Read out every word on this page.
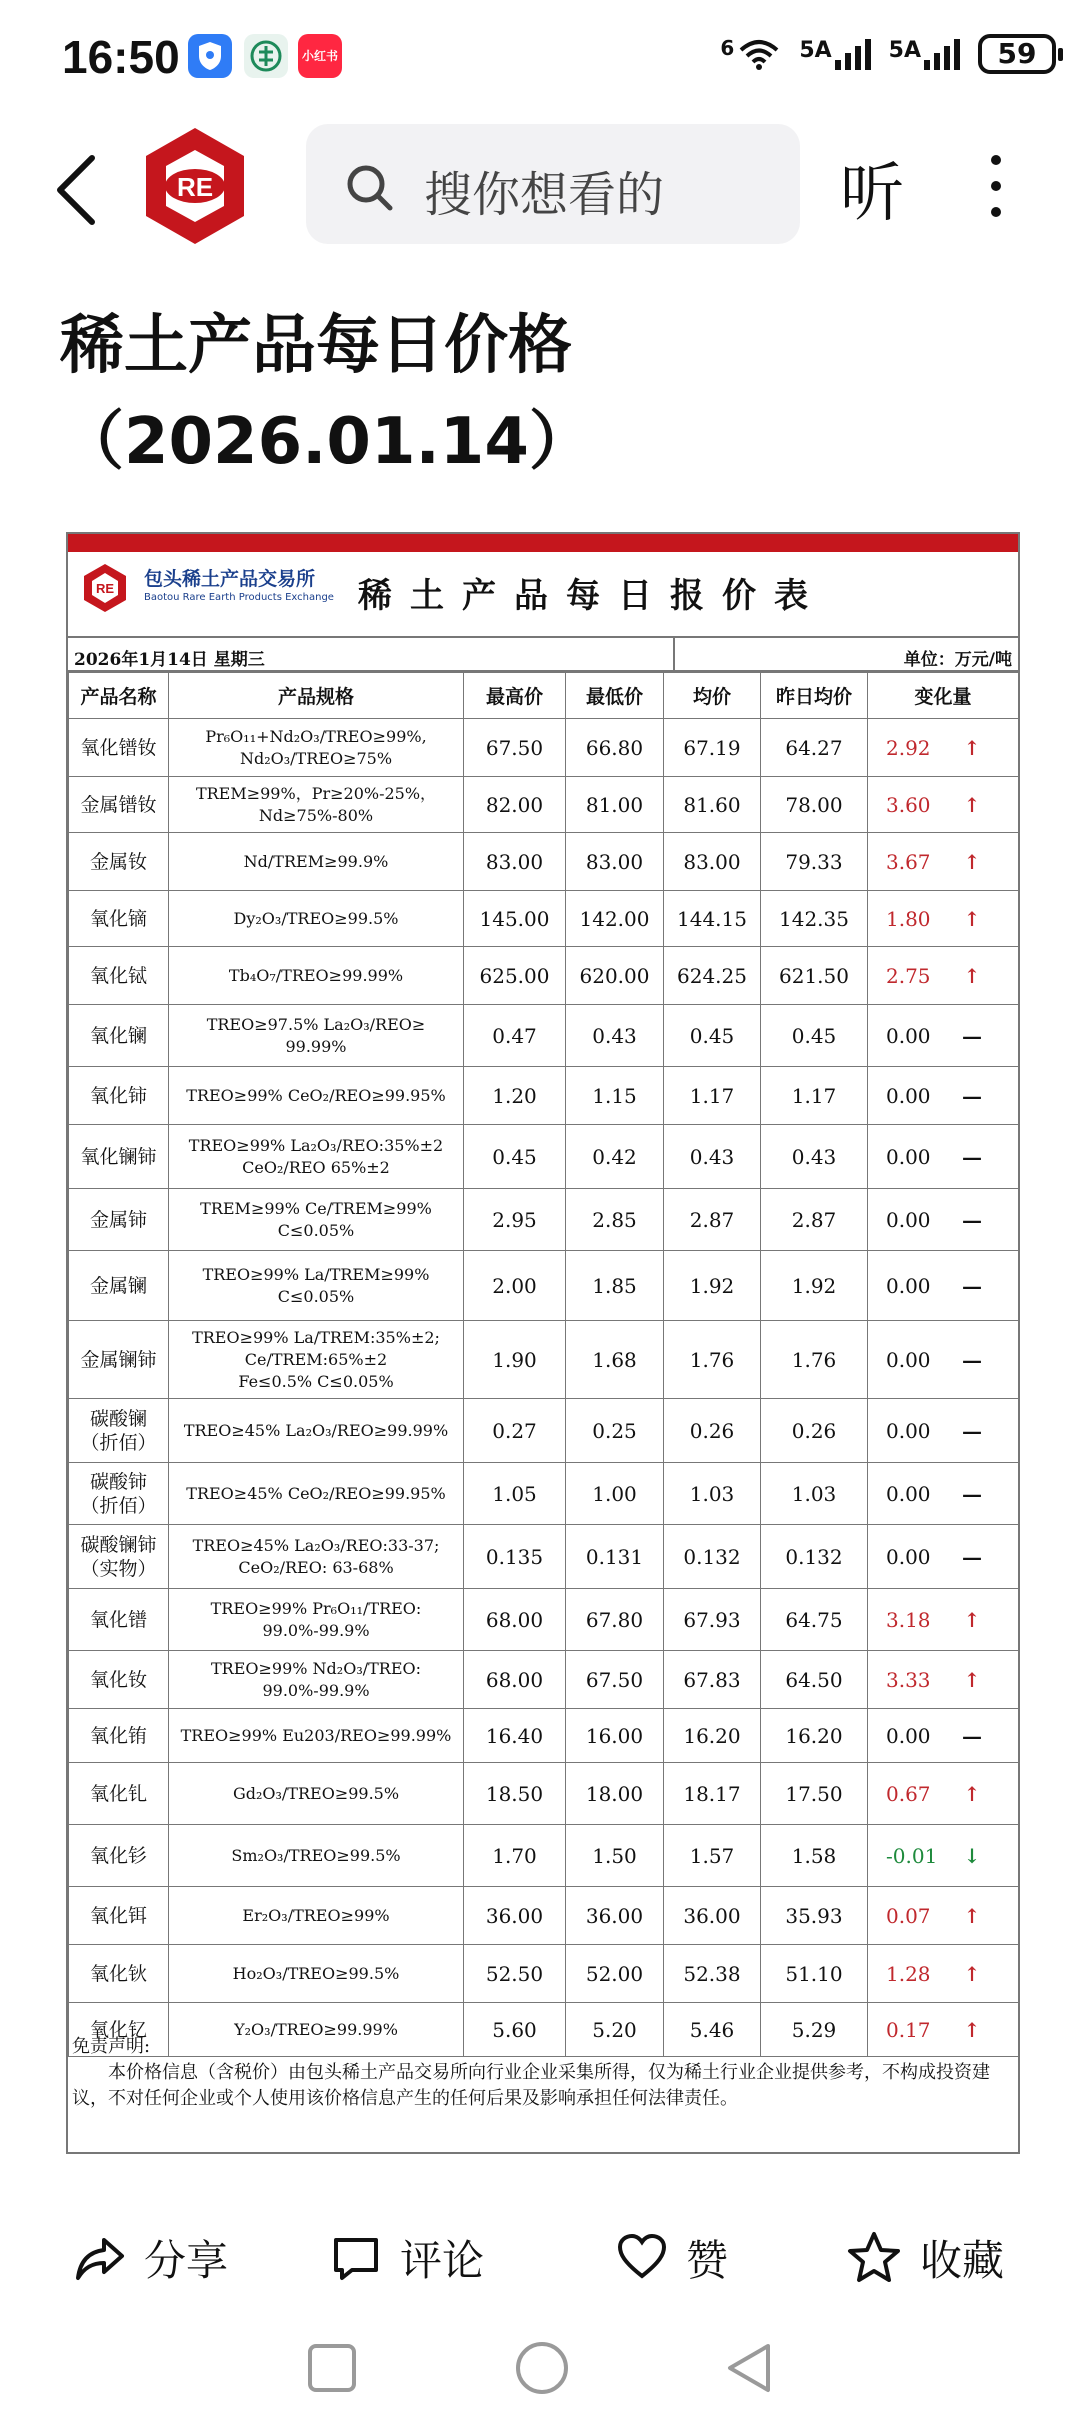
16:50	小红书	6	5A	5A	59
RE	搜你想看的	听
稀土产品每日价格
（2026.01.14）
RE 包头稀土产品交易所
Baotou Rare Earth Products Exchange 稀土产品每日报价表
2026年1月14日 星期三	单位：万元/吨
产品名称	产品规格	最高价	最低价	均价	昨日均价	变化量
氧化镨钕	Pr₆O₁₁+Nd₂O₃/TREO≥99%,
Nd₂O₃/TREO≥75%	67.50	66.80	67.19	64.27	2.92 ↑
金属镨钕	TREM≥99%，Pr≥20%-25%，
Nd≥75%-80%	82.00	81.00	81.60	78.00	3.60 ↑
金属钕	Nd/TREM≥99.9%	83.00	83.00	83.00	79.33	3.67 ↑
氧化镝	Dy₂O₃/TREO≥99.5%	145.00	142.00	144.15	142.35	1.80 ↑
氧化铽	Tb₄O₇/TREO≥99.99%	625.00	620.00	624.25	621.50	2.75 ↑
氧化镧	TREO≥97.5% La₂O₃/REO≥
99.99%	0.47	0.43	0.45	0.45	0.00 —
氧化铈	TREO≥99% CeO₂/REO≥99.95%	1.20	1.15	1.17	1.17	0.00 —
氧化镧铈	TREO≥99% La₂O₃/REO:35%±2
CeO₂/REO 65%±2	0.45	0.42	0.43	0.43	0.00 —
金属铈	TREM≥99% Ce/TREM≥99%
C≤0.05%	2.95	2.85	2.87	2.87	0.00 —
金属镧	TREO≥99% La/TREM≥99%
C≤0.05%	2.00	1.85	1.92	1.92	0.00 —
金属镧铈	TREO≥99% La/TREM:35%±2;
Ce/TREM:65%±2
Fe≤0.5% C≤0.05%	1.90	1.68	1.76	1.76	0.00 —
碳酸镧
（折佰）	TREO≥45% La₂O₃/REO≥99.99%	0.27	0.25	0.26	0.26	0.00 —
碳酸铈
（折佰）	TREO≥45% CeO₂/REO≥99.95%	1.05	1.00	1.03	1.03	0.00 —
碳酸镧铈
（实物）	TREO≥45% La₂O₃/REO:33-37;
CeO₂/REO: 63-68%	0.135	0.131	0.132	0.132	0.00 —
氧化镨	TREO≥99% Pr₆O₁₁/TREO:
99.0%-99.9%	68.00	67.80	67.93	64.75	3.18 ↑
氧化钕	TREO≥99% Nd₂O₃/TREO:
99.0%-99.9%	68.00	67.50	67.83	64.50	3.33 ↑
氧化铕	TREO≥99% Eu203/REO≥99.99%	16.40	16.00	16.20	16.20	0.00 —
氧化钆	Gd₂O₃/TREO≥99.5%	18.50	18.00	18.17	17.50	0.67 ↑
氧化钐	Sm₂O₃/TREO≥99.5%	1.70	1.50	1.57	1.58	-0.01 ↓
氧化铒	Er₂O₃/TREO≥99%	36.00	36.00	36.00	35.93	0.07 ↑
氧化钬	Ho₂O₃/TREO≥99.5%	52.50	52.00	52.38	51.10	1.28 ↑
氧化钇	Y₂O₃/TREO≥99.99%	5.60	5.20	5.46	5.29	0.17 ↑

免责声明:

本价格信息（含税价）由包头稀土产品交易所向行业企业采集所得，仅为稀土行业企业提供参考，不构成投资建议，不对任何企业或个人使用该价格信息产生的任何后果及影响承担任何法律责任。

分享	评论	赞	收藏
